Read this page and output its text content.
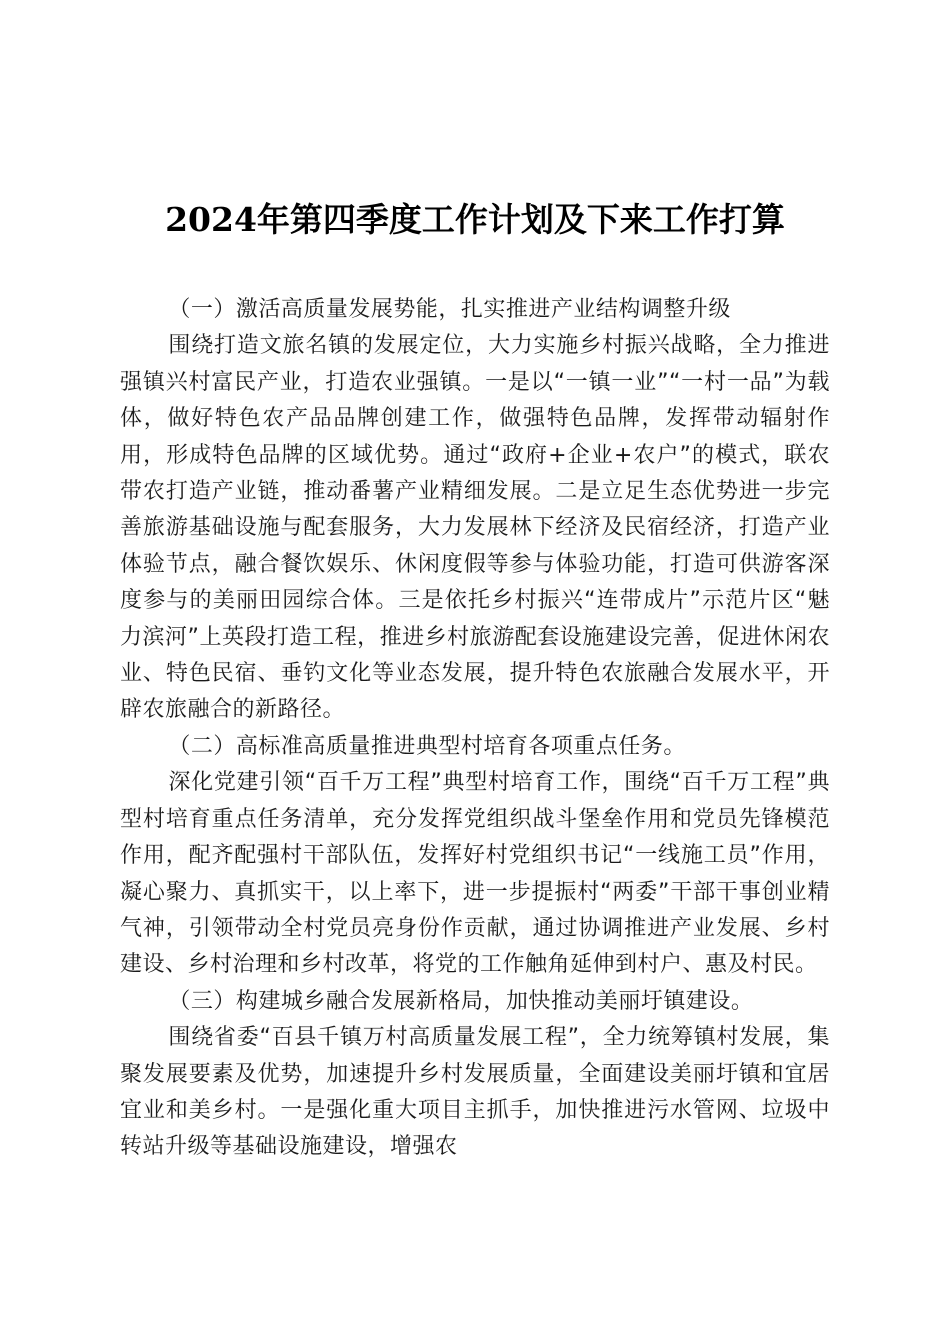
2024年第四季度工作计划及下来工作打算

（一）激活高质量发展势能，扎实推进产业结构调整升级

围绕打造文旅名镇的发展定位，大力实施乡村振兴战略，全力推进强镇兴村富民产业，打造农业强镇。一是以“一镇一业”“一村一品”为载体，做好特色农产品品牌创建工作，做强特色品牌，发挥带动辐射作用，形成特色品牌的区域优势。通过“政府+企业+农户”的模式，联农带农打造产业链，推动番薯产业精细发展。二是立足生态优势进一步完善旅游基础设施与配套服务，大力发展林下经济及民宿经济，打造产业体验节点，融合餐饮娱乐、休闲度假等参与体验功能，打造可供游客深度参与的美丽田园综合体。三是依托乡村振兴“连带成片”示范片区“魅力滨河”上英段打造工程，推进乡村旅游配套设施建设完善，促进休闲农业、特色民宿、垂钓文化等业态发展，提升特色农旅融合发展水平，开辟农旅融合的新路径。

（二）高标准高质量推进典型村培育各项重点任务。

深化党建引领“百千万工程”典型村培育工作，围绕“百千万工程”典型村培育重点任务清单，充分发挥党组织战斗堡垒作用和党员先锋模范作用，配齐配强村干部队伍，发挥好村党组织书记“一线施工员”作用，凝心聚力、真抓实干，以上率下，进一步提振村“两委”干部干事创业精气神，引领带动全村党员亮身份作贡献，通过协调推进产业发展、乡村建设、乡村治理和乡村改革，将党的工作触角延伸到村户、惠及村民。

（三）构建城乡融合发展新格局，加快推动美丽圩镇建设。

围绕省委“百县千镇万村高质量发展工程”，全力统筹镇村发展，集聚发展要素及优势，加速提升乡村发展质量，全面建设美丽圩镇和宜居宜业和美乡村。一是强化重大项目主抓手，加快推进污水管网、垃圾中转站升级等基础设施建设，增强农
